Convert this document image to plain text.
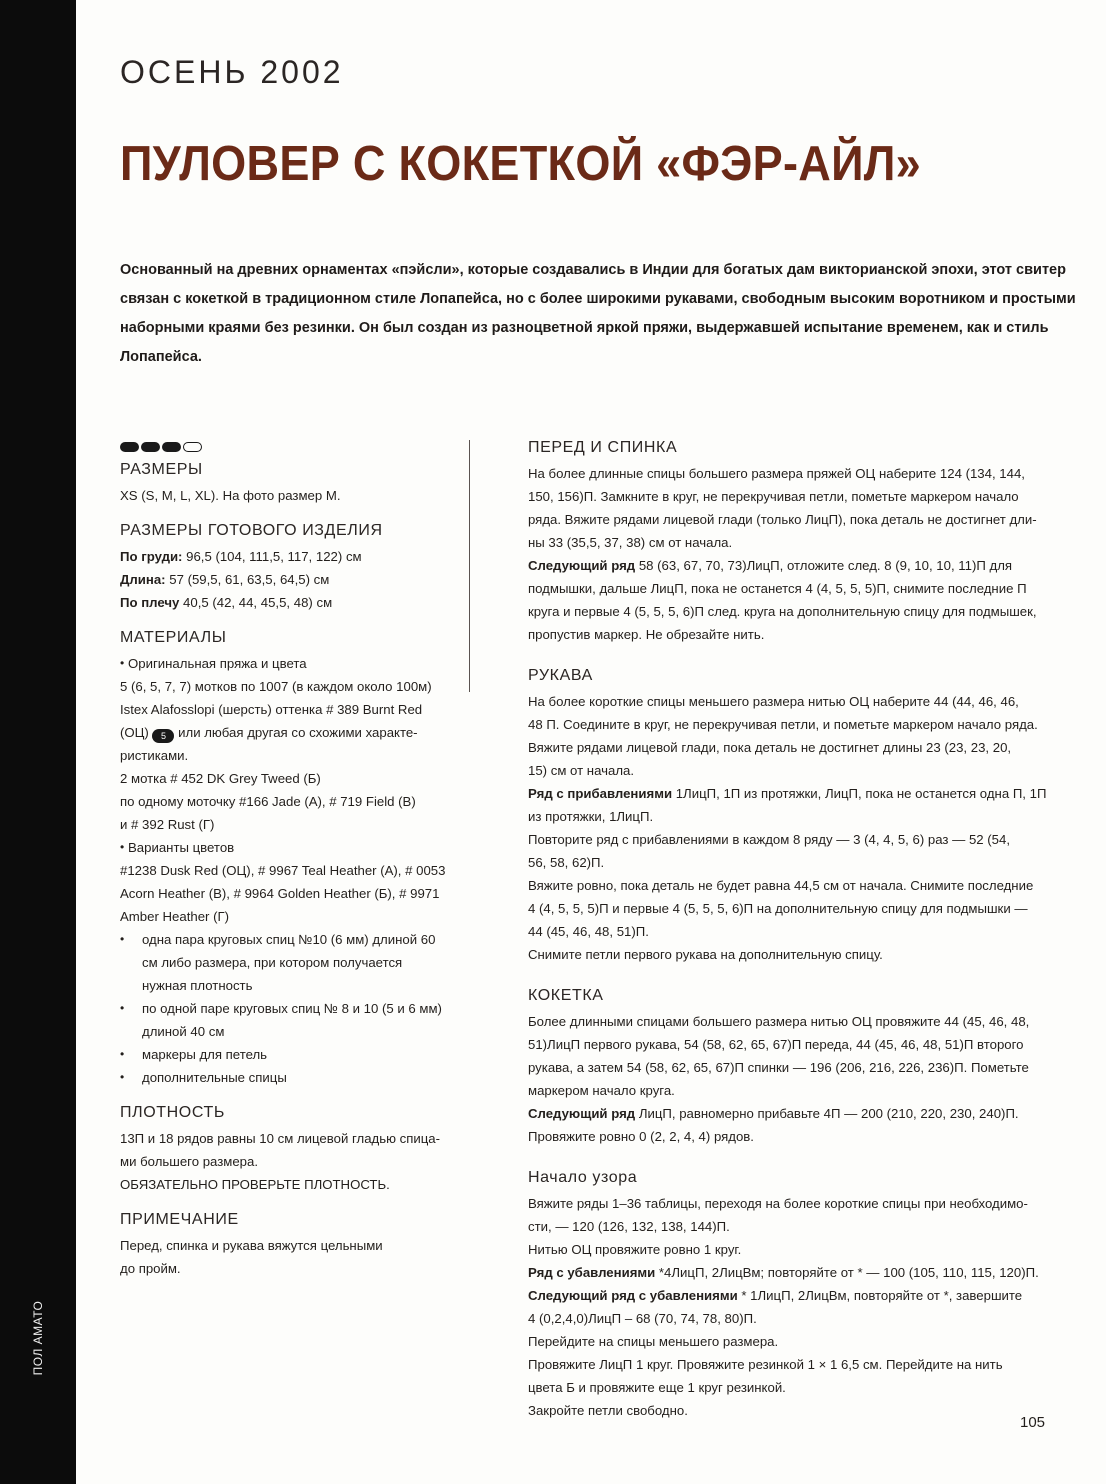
ПОЛ АМАТО
ОСЕНЬ 2002
ПУЛОВЕР С КОКЕТКОЙ «ФЭР-АЙЛ»

Основанный на древних орнаментах «пэйсли», которые создавались в Индии для богатых дам викторианской эпохи, этот свитер связан с кокеткой в традиционном стиле Лопапейса, но с более широкими рукавами, свободным высоким воротником и простыми наборными краями без резинки. Он был создан из разноцветной яркой пряжи, выдержавшей испытание временем, как и стиль Лопапейса.

РАЗМЕРЫ

XS (S, M, L, XL). На фото размер M.

РАЗМЕРЫ ГОТОВОГО ИЗДЕЛИЯ

По груди: 96,5 (104, 111,5, 117, 122) см

Длина: 57 (59,5, 61, 63,5, 64,5) см

По плечу 40,5 (42, 44, 45,5, 48) см

МАТЕРИАЛЫ

• Оригинальная пряжа и цвета

5 (6, 5, 7, 7) мотков по 1007 (в каждом около 100м)

Istex Alafosslopi (шерсть) оттенка # 389 Burnt Red

(ОЦ) 5 или любая другая со схожими характе-

ристиками.

2 мотка # 452 DK Grey Tweed (Б)

по одному моточку #166 Jade (А), # 719 Field (В)

и # 392 Rust (Г)

• Варианты цветов

#1238 Dusk Red (ОЦ), # 9967 Teal Heather (А), # 0053

Acorn Heather (В), # 9964 Golden Heather (Б), # 9971

Amber Heather (Г)

• одна пара круговых спиц №10 (6 мм) длиной 60 см либо размера, при котором получается нужная плотность

• по одной паре круговых спиц № 8 и 10 (5 и 6 мм) длиной 40 см

• маркеры для петель

• дополнительные спицы

ПЛОТНОСТЬ

13П и 18 рядов равны 10 см лицевой гладью спица-

ми большего размера.

ОБЯЗАТЕЛЬНО ПРОВЕРЬТЕ ПЛОТНОСТЬ.

ПРИМЕЧАНИЕ

Перед, спинка и рукава вяжутся цельными

до пройм.

ПЕРЕД И СПИНКА

На более длинные спицы большего размера пряжей ОЦ наберите 124 (134, 144,

150, 156)П. Замкните в круг, не перекручивая петли, пометьте маркером начало

ряда. Вяжите рядами лицевой глади (только ЛицП), пока деталь не достигнет дли-

ны 33 (35,5, 37, 38) см от начала.

Следующий ряд 58 (63, 67, 70, 73)ЛицП, отложите след. 8 (9, 10, 10, 11)П для

подмышки, дальше ЛицП, пока не останется 4 (4, 5, 5, 5)П, снимите последние П

круга и первые 4 (5, 5, 5, 6)П след. круга на дополнительную спицу для подмышек,

пропустив маркер. Не обрезайте нить.

РУКАВА

На более короткие спицы меньшего размера нитью ОЦ наберите 44 (44, 46, 46,

48 П. Соедините в круг, не перекручивая петли, и пометьте маркером начало ряда.

Вяжите рядами лицевой глади, пока деталь не достигнет длины 23 (23, 23, 20,

15) см от начала.

Ряд с прибавлениями 1ЛицП, 1П из протяжки, ЛицП, пока не останется одна П, 1П

из протяжки, 1ЛицП.

Повторите ряд с прибавлениями в каждом 8 ряду — 3 (4, 4, 5, 6) раз — 52 (54,

56, 58, 62)П.

Вяжите ровно, пока деталь не будет равна 44,5 см от начала. Снимите последние

4 (4, 5, 5, 5)П и первые 4 (5, 5, 5, 6)П на дополнительную спицу для подмышки —

44 (45, 46, 48, 51)П.

Снимите петли первого рукава на дополнительную спицу.

КОКЕТКА

Более длинными спицами большего размера нитью ОЦ провяжите 44 (45, 46, 48,

51)ЛицП первого рукава, 54 (58, 62, 65, 67)П переда, 44 (45, 46, 48, 51)П второго

рукава, а затем 54 (58, 62, 65, 67)П спинки — 196 (206, 216, 226, 236)П. Пометьте

маркером начало круга.

Следующий ряд ЛицП, равномерно прибавьте 4П — 200 (210, 220, 230, 240)П.

Провяжите ровно 0 (2, 2, 4, 4) рядов.

Начало узора

Вяжите ряды 1–36 таблицы, переходя на более короткие спицы при необходимо-

сти, — 120 (126, 132, 138, 144)П.

Нитью ОЦ провяжите ровно 1 круг.

Ряд с убавлениями *4ЛицП, 2ЛицВм; повторяйте от * — 100 (105, 110, 115, 120)П.

Следующий ряд с убавлениями * 1ЛицП, 2ЛицВм, повторяйте от *, завершите

4 (0,2,4,0)ЛицП – 68 (70, 74, 78, 80)П.

Перейдите на спицы меньшего размера.

Провяжите ЛицП 1 круг. Провяжите резинкой 1 × 1 6,5 см. Перейдите на нить

цвета Б и провяжите еще 1 круг резинкой.

Закройте петли свободно.

105
